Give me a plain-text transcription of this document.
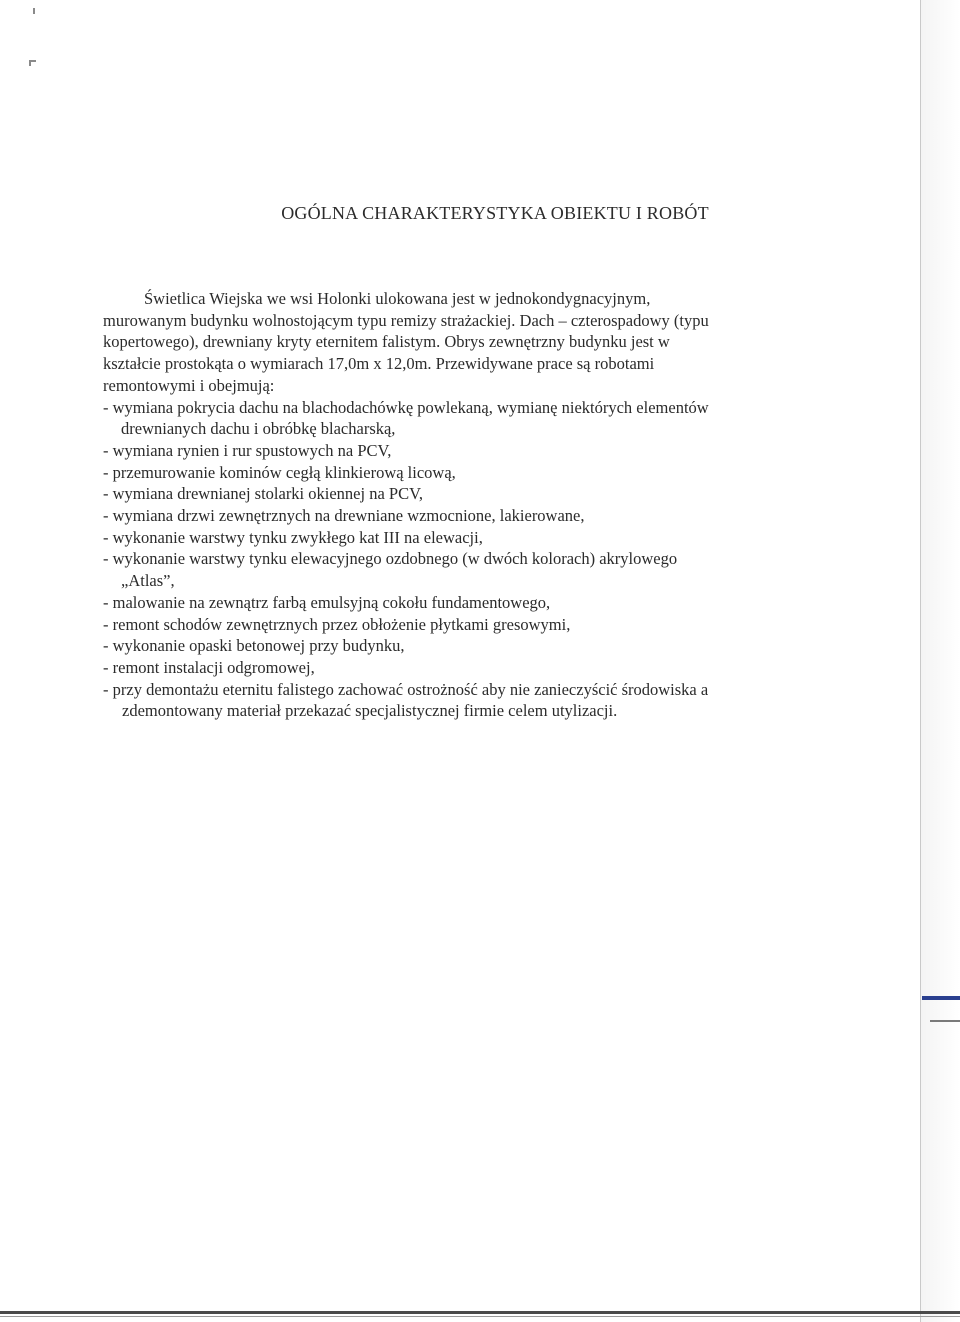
OGÓLNA CHARAKTERYSTYKA OBIEKTU I ROBÓT
Świetlica Wiejska we wsi Holonki ulokowana jest w jednokondygnacyjnym,
murowanym budynku wolnostojącym typu remizy strażackiej. Dach – czterospadowy (typu
kopertowego), drewniany kryty eternitem falistym. Obrys zewnętrzny budynku jest w
kształcie prostokąta o wymiarach 17,0m x 12,0m. Przewidywane prace są robotami
remontowymi i obejmują:
- wymiana pokrycia dachu na blachodachówkę powlekaną, wymianę niektórych elementów
drewnianych dachu i obróbkę blacharską,
- wymiana rynien i rur spustowych na PCV,
- przemurowanie kominów cegłą klinkierową licową,
- wymiana drewnianej stolarki okiennej na PCV,
- wymiana drzwi zewnętrznych na drewniane wzmocnione, lakierowane,
- wykonanie warstwy tynku zwykłego kat III na elewacji,
- wykonanie warstwy tynku elewacyjnego ozdobnego (w dwóch kolorach) akrylowego
„Atlas”,
- malowanie na zewnątrz farbą emulsyjną cokołu fundamentowego,
- remont schodów zewnętrznych przez obłożenie płytkami gresowymi,
- wykonanie opaski betonowej przy budynku,
- remont instalacji odgromowej,
- przy demontażu eternitu falistego zachować ostrożność aby nie zanieczyścić środowiska a
zdemontowany materiał przekazać specjalistycznej firmie celem utylizacji.
